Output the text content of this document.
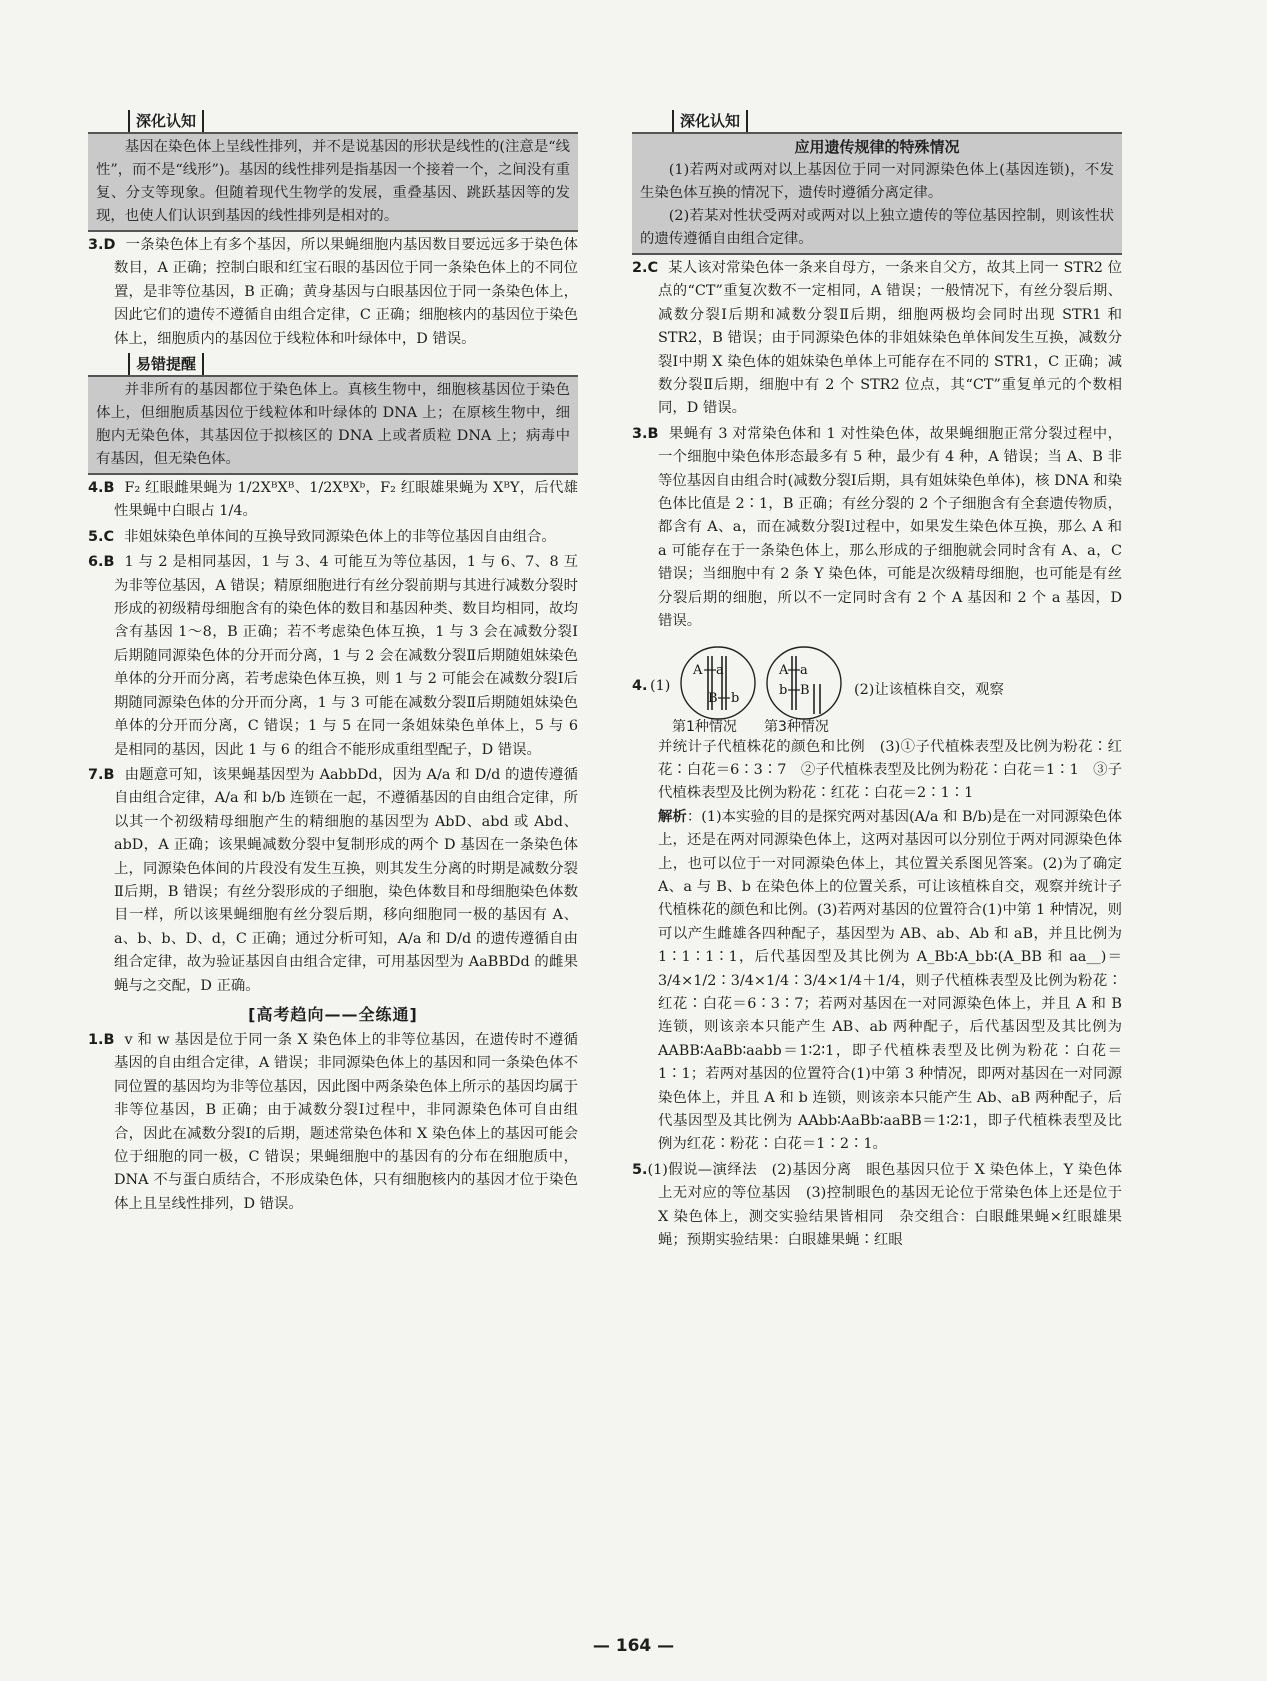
深化认知

基因在染色体上呈线性排列，并不是说基因的形状是线性的(注意是“线性”，而不是“线形”)。基因的线性排列是指基因一个接着一个，之间没有重复、分支等现象。但随着现代生物学的发展，重叠基因、跳跃基因等的发现，也使人们认识到基因的线性排列是相对的。

3.D 一条染色体上有多个基因，所以果蝇细胞内基因数目要远远多于染色体数目，A 正确；控制白眼和红宝石眼的基因位于同一条染色体上的不同位置，是非等位基因，B 正确；黄身基因与白眼基因位于同一条染色体上，因此它们的遗传不遵循自由组合定律，C 正确；细胞核内的基因位于染色体上，细胞质内的基因位于线粒体和叶绿体中，D 错误。
易错提醒

并非所有的基因都位于染色体上。真核生物中，细胞核基因位于染色体上，但细胞质基因位于线粒体和叶绿体的 DNA 上；在原核生物中，细胞内无染色体，其基因位于拟核区的 DNA 上或者质粒 DNA 上；病毒中有基因，但无染色体。

4.B F₂ 红眼雌果蝇为 1/2XᴮXᴮ、1/2XᴮXᵇ，F₂ 红眼雄果蝇为 XᴮY，后代雄性果蝇中白眼占 1/4。
5.C 非姐妹染色单体间的互换导致同源染色体上的非等位基因自由组合。
6.B 1 与 2 是相同基因，1 与 3、4 可能互为等位基因，1 与 6、7、8 互为非等位基因，A 错误；精原细胞进行有丝分裂前期与其进行减数分裂时形成的初级精母细胞含有的染色体的数目和基因种类、数目均相同，故均含有基因 1～8，B 正确；若不考虑染色体互换，1 与 3 会在减数分裂Ⅰ后期随同源染色体的分开而分离，1 与 2 会在减数分裂Ⅱ后期随姐妹染色单体的分开而分离，若考虑染色体互换，则 1 与 2 可能会在减数分裂Ⅰ后期随同源染色体的分开而分离，1 与 3 可能在减数分裂Ⅱ后期随姐妹染色单体的分开而分离，C 错误；1 与 5 在同一条姐妹染色单体上，5 与 6 是相同的基因，因此 1 与 6 的组合不能形成重组型配子，D 错误。
7.B 由题意可知，该果蝇基因型为 AabbDd，因为 A/a 和 D/d 的遗传遵循自由组合定律，A/a 和 b/b 连锁在一起，不遵循基因的自由组合定律，所以其一个初级精母细胞产生的精细胞的基因型为 AbD、abd 或 Abd、abD，A 正确；该果蝇减数分裂中复制形成的两个 D 基因在一条染色体上，同源染色体间的片段没有发生互换，则其发生分离的时期是减数分裂Ⅱ后期，B 错误；有丝分裂形成的子细胞，染色体数目和母细胞染色体数目一样，所以该果蝇细胞有丝分裂后期，移向细胞同一极的基因有 A、a、b、b、D、d，C 正确；通过分析可知，A/a 和 D/d 的遗传遵循自由组合定律，故为验证基因自由组合定律，可用基因型为 AaBBDd 的雌果蝇与之交配，D 正确。
[高考趋向——全练通]
1.B v 和 w 基因是位于同一条 X 染色体上的非等位基因，在遗传时不遵循基因的自由组合定律，A 错误；非同源染色体上的基因和同一条染色体不同位置的基因均为非等位基因，因此图中两条染色体上所示的基因均属于非等位基因，B 正确；由于减数分裂Ⅰ过程中，非同源染色体可自由组合，因此在减数分裂Ⅰ的后期，题述常染色体和 X 染色体上的基因可能会位于细胞的同一极，C 错误；果蝇细胞中的基因有的分布在细胞质中，DNA 不与蛋白质结合，不形成染色体，只有细胞核内的基因才位于染色体上且呈线性排列，D 错误。
深化认知
应用遗传规律的特殊情况

(1)若两对或两对以上基因位于同一对同源染色体上(基因连锁)，不发生染色体互换的情况下，遗传时遵循分离定律。

(2)若某对性状受两对或两对以上独立遗传的等位基因控制，则该性状的遗传遵循自由组合定律。

2.C 某人该对常染色体一条来自母方，一条来自父方，故其上同一 STR2 位点的“CT”重复次数不一定相同，A 错误；一般情况下，有丝分裂后期、减数分裂Ⅰ后期和减数分裂Ⅱ后期，细胞两极均会同时出现 STR1 和 STR2，B 错误；由于同源染色体的非姐妹染色单体间发生互换，减数分裂Ⅰ中期 X 染色体的姐妹染色单体上可能存在不同的 STR1，C 正确；减数分裂Ⅱ后期，细胞中有 2 个 STR2 位点，其“CT”重复单元的个数相同，D 错误。
3.B 果蝇有 3 对常染色体和 1 对性染色体，故果蝇细胞正常分裂过程中，一个细胞中染色体形态最多有 5 种，最少有 4 种，A 错误；当 A、B 非等位基因自由组合时(减数分裂Ⅰ后期，具有姐妹染色单体)，核 DNA 和染色体比值是 2∶1，B 正确；有丝分裂的 2 个子细胞含有全套遗传物质，都含有 A、a，而在减数分裂Ⅰ过程中，如果发生染色体互换，那么 A 和 a 可能存在于一条染色体上，那么形成的子细胞就会同时含有 A、a，C 错误；当细胞中有 2 条 Y 染色体，可能是次级精母细胞，也可能是有丝分裂后期的细胞，所以不一定同时含有 2 个 A 基因和 2 个 a 基因，D 错误。
4. (1)
A a
B b
A a
b B	(2)让该植株自交，观察
第1种情况 第3种情况
并统计子代植株花的颜色和比例　(3)①子代植株表型及比例为粉花∶红花∶白花＝6∶3∶7　②子代植株表型及比例为粉花∶白花＝1∶1　③子代植株表型及比例为粉花∶红花∶白花＝2∶1∶1
解析：(1)本实验的目的是探究两对基因(A/a 和 B/b)是在一对同源染色体上，还是在两对同源染色体上，这两对基因可以分别位于两对同源染色体上，也可以位于一对同源染色体上，其位置关系图见答案。(2)为了确定 A、a 与 B、b 在染色体上的位置关系，可让该植株自交，观察并统计子代植株花的颜色和比例。(3)若两对基因的位置符合(1)中第 1 种情况，则可以产生雌雄各四种配子，基因型为 AB、ab、Ab 和 aB，并且比例为 1∶1∶1∶1，后代基因型及其比例为 A_Bb∶A_bb∶(A_BB 和 aa__)＝3/4×1/2∶3/4×1/4∶3/4×1/4＋1/4，则子代植株表型及比例为粉花∶红花∶白花＝6∶3∶7；若两对基因在一对同源染色体上，并且 A 和 B 连锁，则该亲本只能产生 AB、ab 两种配子，后代基因型及其比例为 AABB∶AaBb∶aabb＝1∶2∶1，即子代植株表型及比例为粉花∶白花＝1∶1；若两对基因的位置符合(1)中第 3 种情况，即两对基因在一对同源染色体上，并且 A 和 b 连锁，则该亲本只能产生 Ab、aB 两种配子，后代基因型及其比例为 AAbb∶AaBb∶aaBB＝1∶2∶1，即子代植株表型及比例为红花∶粉花∶白花＝1∶2∶1。
5.(1)假说—演绎法　(2)基因分离　眼色基因只位于 X 染色体上，Y 染色体上无对应的等位基因　(3)控制眼色的基因无论位于常染色体上还是位于 X 染色体上，测交实验结果皆相同　杂交组合：白眼雌果蝇×红眼雄果蝇；预期实验结果：白眼雄果蝇∶红眼
— 164 —
